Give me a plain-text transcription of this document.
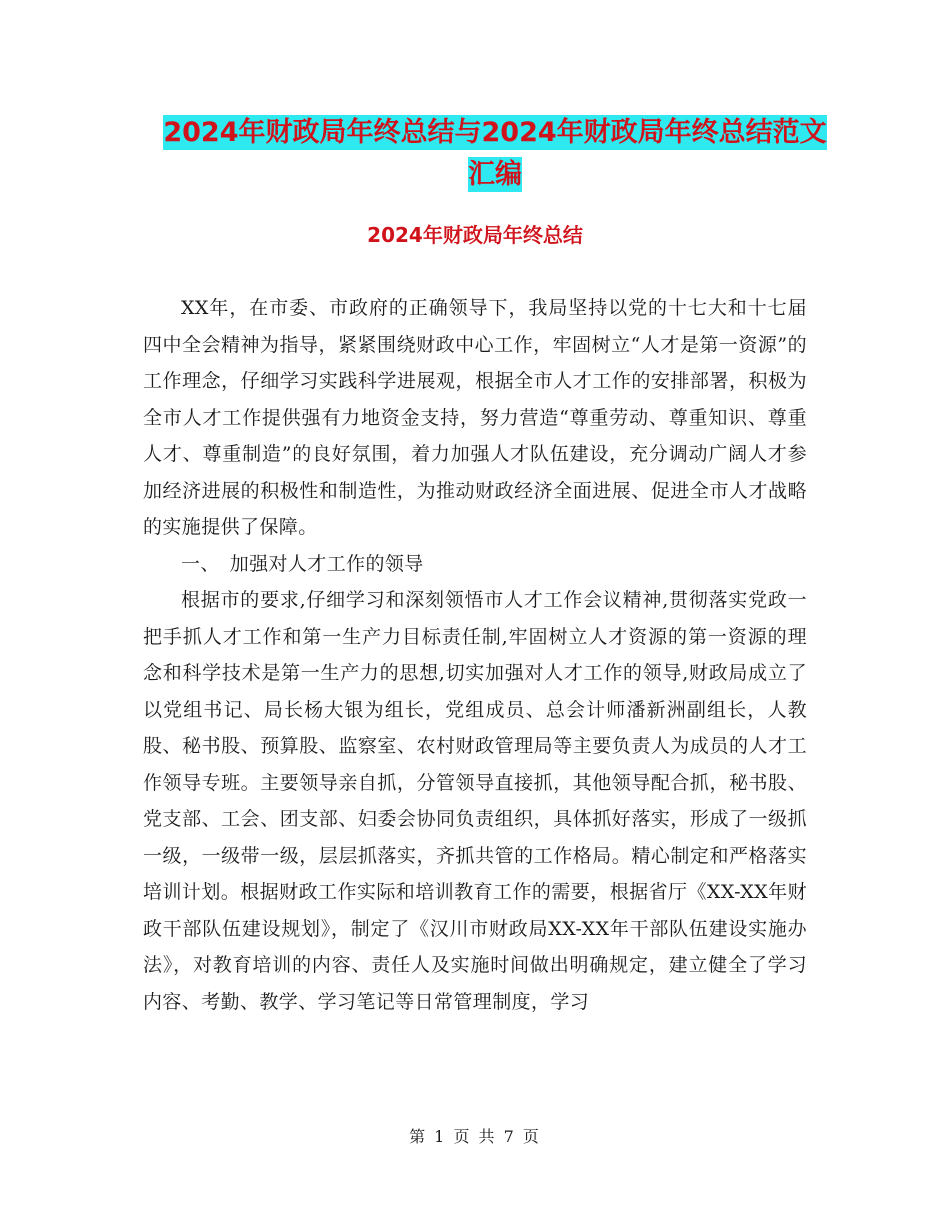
2024年财政局年终总结与2024年财政局年终总结范文
汇编
2024年财政局年终总结

XX年，在市委、市政府的正确领导下，我局坚持以党的十七大和十七届四中全会精神为指导，紧紧围绕财政中心工作，牢固树立“人才是第一资源”的工作理念，仔细学习实践科学进展观，根据全市人才工作的安排部署，积极为全市人才工作提供强有力地资金支持，努力营造“尊重劳动、尊重知识、尊重人才、尊重制造”的良好氛围，着力加强人才队伍建设，充分调动广阔人才参加经济进展的积极性和制造性，为推动财政经济全面进展、促进全市人才战略的实施提供了保障。

一、　加强对人才工作的领导

根据市的要求,仔细学习和深刻领悟市人才工作会议精神,贯彻落实党政一把手抓人才工作和第一生产力目标责任制,牢固树立人才资源的第一资源的理念和科学技术是第一生产力的思想,切实加强对人才工作的领导,财政局成立了以党组书记、局长杨大银为组长，党组成员、总会计师潘新洲副组长，人教股、秘书股、预算股、监察室、农村财政管理局等主要负责人为成员的人才工作领导专班。主要领导亲自抓，分管领导直接抓，其他领导配合抓，秘书股、党支部、工会、团支部、妇委会协同负责组织，具体抓好落实，形成了一级抓一级，一级带一级，层层抓落实，齐抓共管的工作格局。精心制定和严格落实培训计划。根据财政工作实际和培训教育工作的需要，根据省厅《XX-XX年财政干部队伍建设规划》，制定了《汉川市财政局XX-XX年干部队伍建设实施办法》，对教育培训的内容、责任人及实施时间做出明确规定，建立健全了学习内容、考勤、教学、学习笔记等日常管理制度，学习

第 1 页 共 7 页
